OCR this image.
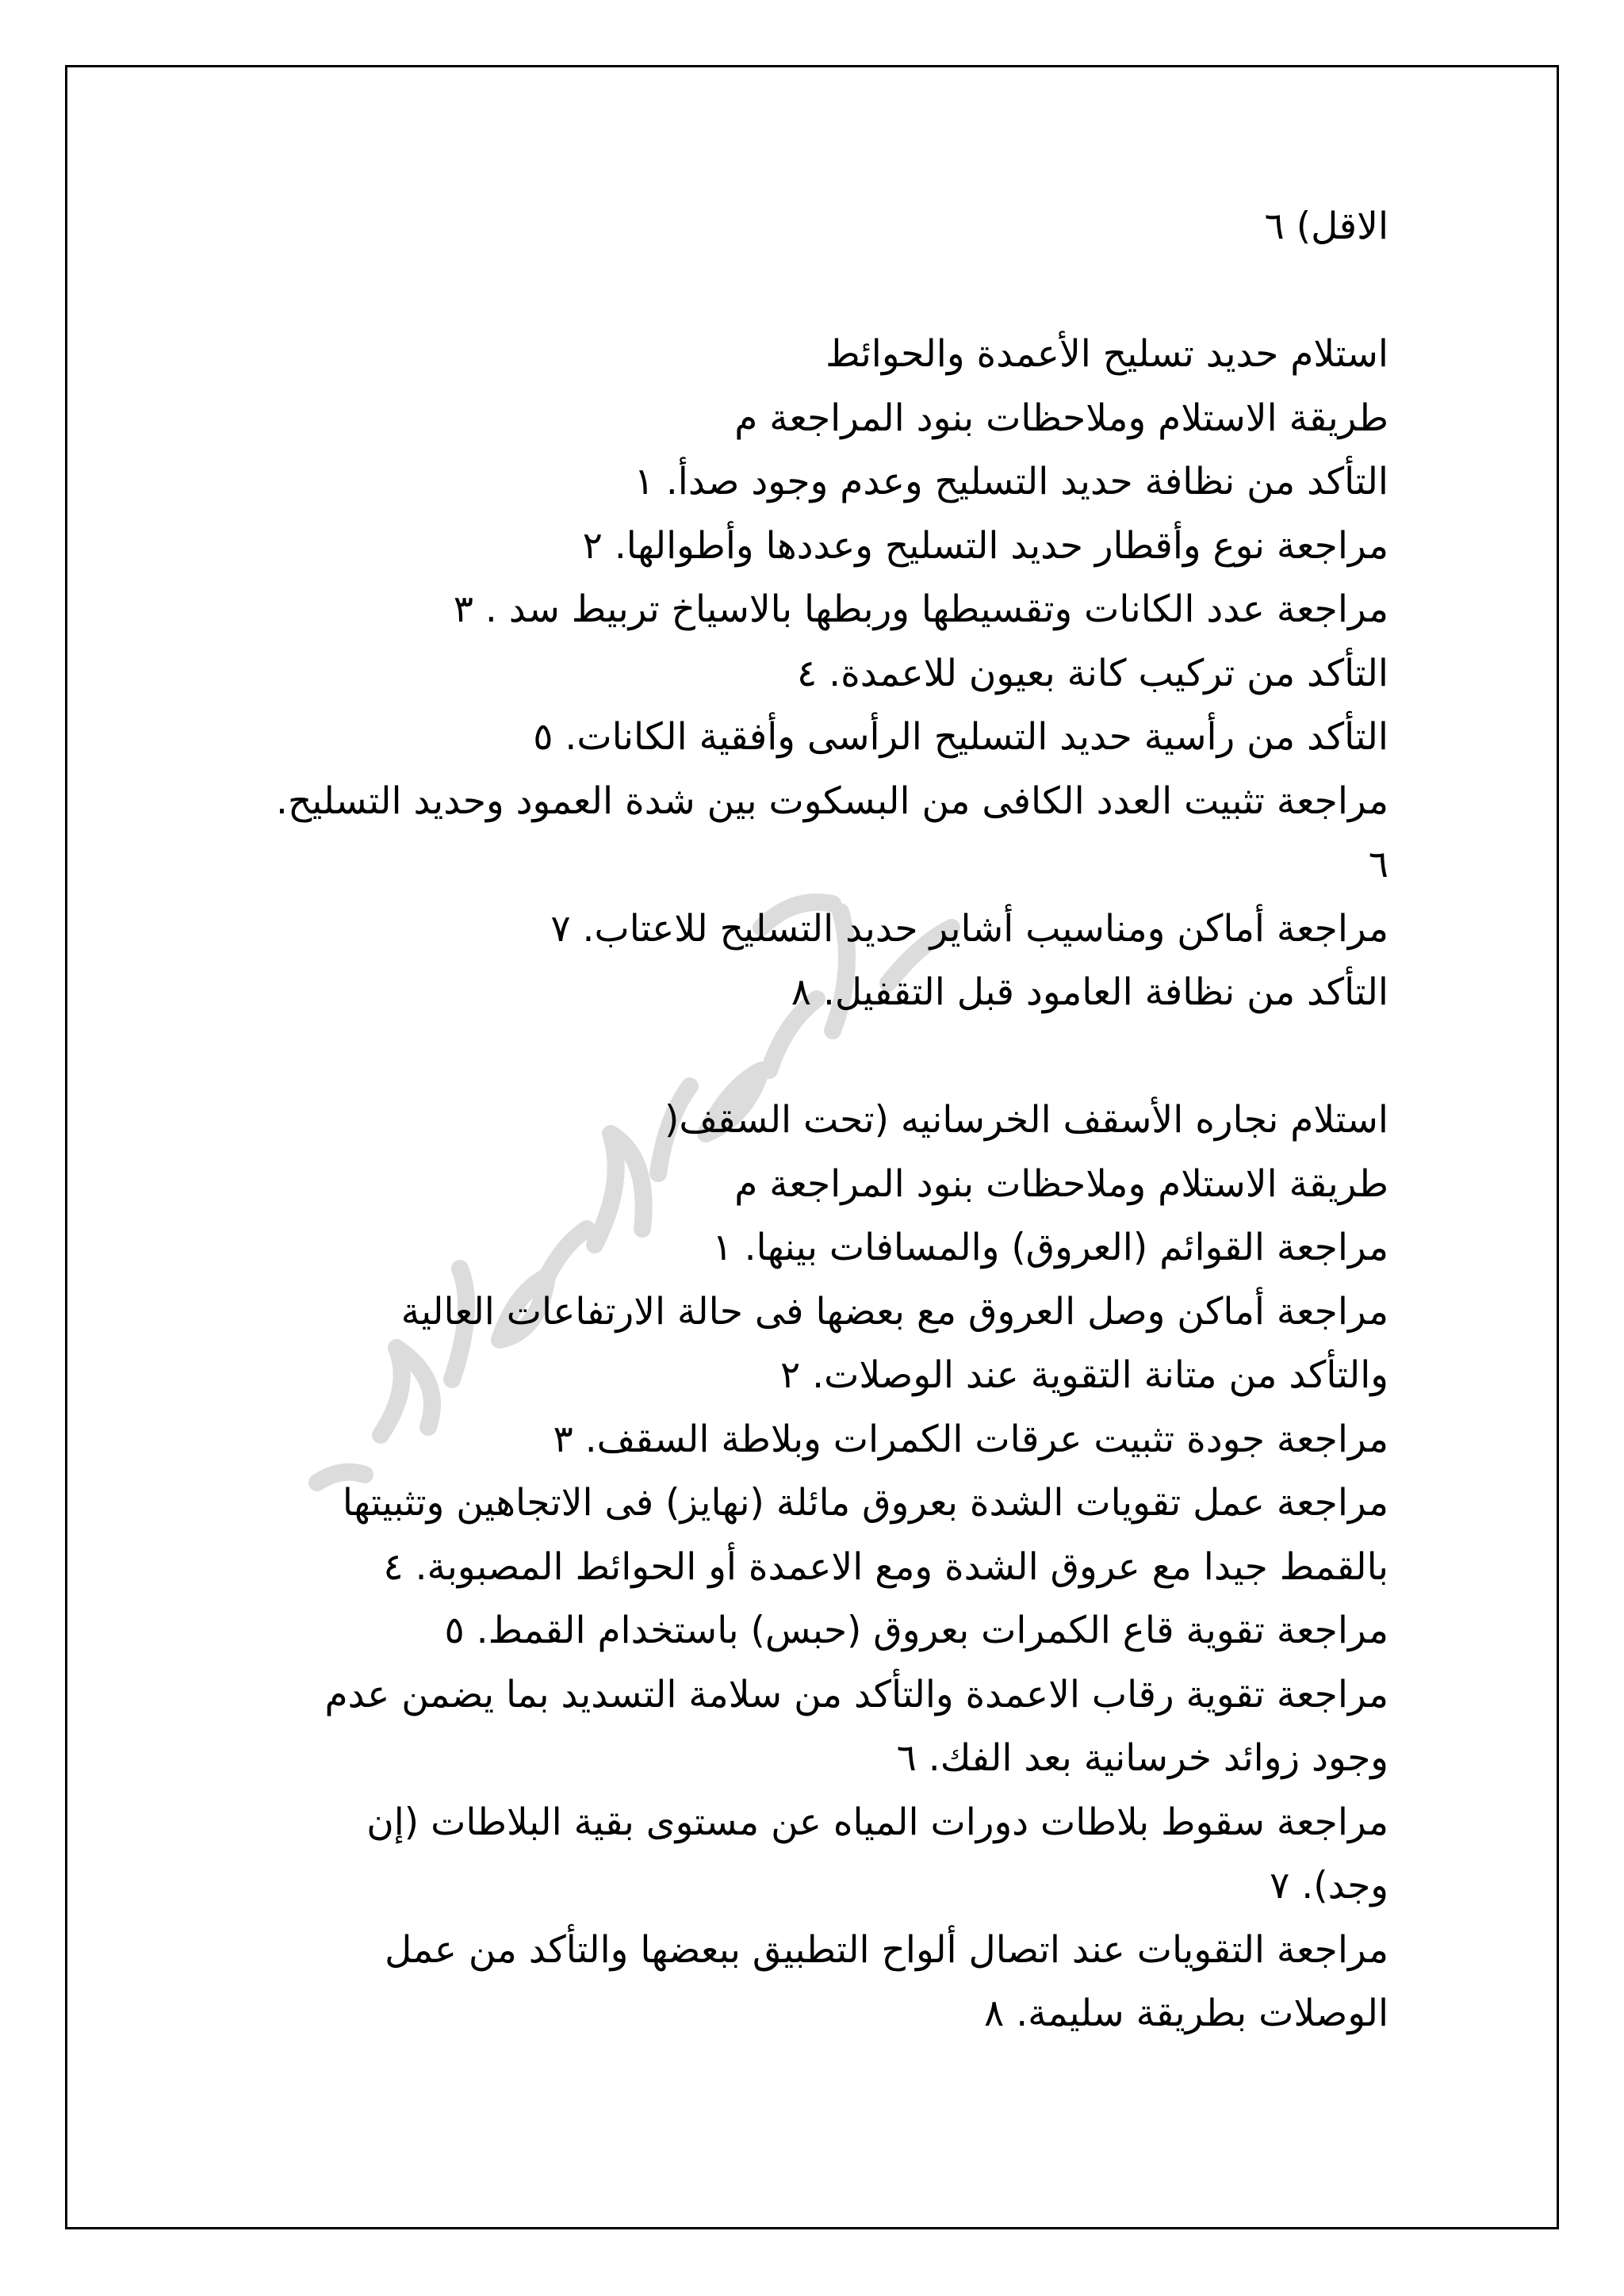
الاقل) ٦
استلام حديد تسليح الأعمدة والحوائط
طريقة الاستلام وملاحظات بنود المراجعة م
التأكد من نظافة حديد التسليح وعدم وجود صدأ. ١
مراجعة نوع وأقطار حديد التسليح وعددها وأطوالها. ٢
مراجعة عدد الكانات وتقسيطها وربطها بالاسياخ تربيط سد . ٣
التأكد من تركيب كانة بعيون للاعمدة. ٤
التأكد من رأسية حديد التسليح الرأسى وأفقية الكانات. ٥
مراجعة تثبيت العدد الكافى من البسكوت بين شدة العمود وحديد التسليح.
٦
مراجعة أماكن ومناسيب أشاير حديد التسليح للاعتاب. ٧
التأكد من نظافة العامود قبل التقفيل. ٨
استلام نجاره الأسقف الخرسانيه (تحت السقف(
طريقة الاستلام وملاحظات بنود المراجعة م
مراجعة القوائم (العروق) والمسافات بينها. ١
مراجعة أماكن وصل العروق مع بعضها فى حالة الارتفاعات العالية
والتأكد من متانة التقوية عند الوصلات. ٢
مراجعة جودة تثبيت عرقات الكمرات وبلاطة السقف. ٣
مراجعة عمل تقويات الشدة بعروق مائلة (نهايز) فى الاتجاهين وتثبيتها
بالقمط جيدا مع عروق الشدة ومع الاعمدة أو الحوائط المصبوبة. ٤
مراجعة تقوية قاع الكمرات بعروق (حبس) باستخدام القمط. ٥
مراجعة تقوية رقاب الاعمدة والتأكد من سلامة التسديد بما يضمن عدم
وجود زوائد خرسانية بعد الفك. ٦
مراجعة سقوط بلاطات دورات المياه عن مستوى بقية البلاطات (إن
وجد). ٧
مراجعة التقويات عند اتصال ألواح التطبيق ببعضها والتأكد من عمل
الوصلات بطريقة سليمة. ٨
